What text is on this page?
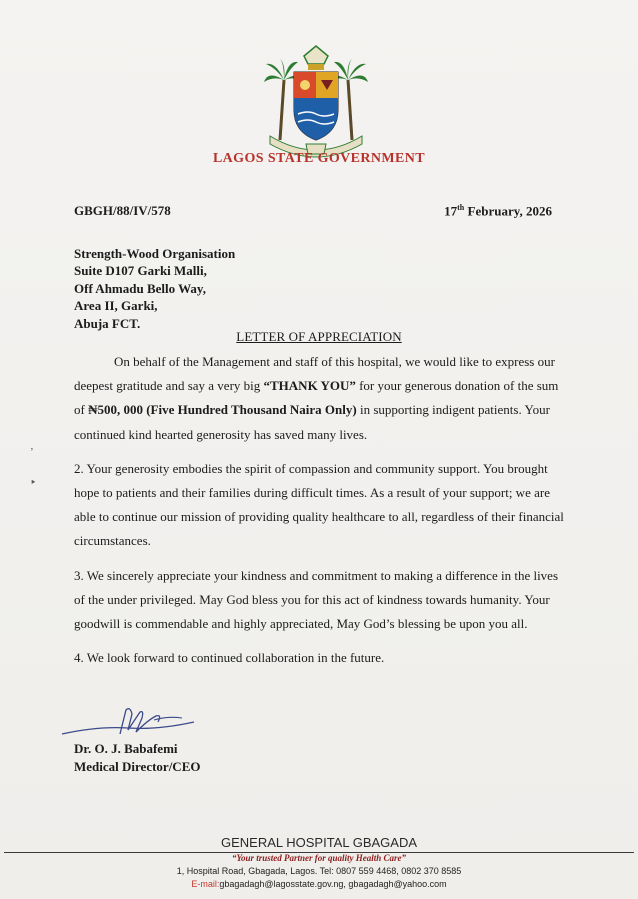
LAGOS STATE GOVERNMENT
GBGH/88/IV/578	17th February, 2026
Strength-Wood Organisation
Suite D107 Garki Malli,
Off Ahmadu Bello Way,
Area II, Garki,
Abuja FCT.
LETTER OF APPRECIATION

On behalf of the Management and staff of this hospital, we would like to express our deepest gratitude and say a very big “THANK YOU” for your generous donation of the sum of ₦500, 000 (Five Hundred Thousand Naira Only) in supporting indigent patients. Your continued kind hearted generosity has saved many lives.

2. Your generosity embodies the spirit of compassion and community support. You brought hope to patients and their families during difficult times. As a result of your support; we are able to continue our mission of providing quality healthcare to all, regardless of their financial circumstances.

3. We sincerely appreciate your kindness and commitment to making a difference in the lives of the under privileged. May God bless you for this act of kindness towards humanity. Your goodwill is commendable and highly appreciated, May God’s blessing be upon you all.

4. We look forward to continued collaboration in the future.

Dr. O. J. Babafemi
Medical Director/CEO
’
‣
GENERAL HOSPITAL GBAGADA
“Your trusted Partner for quality Health Care”
1, Hospital Road, Gbagada, Lagos. Tel: 0807 559 4468, 0802 370 8585
E-mail:gbagadagh@lagosstate.gov.ng, gbagadagh@yahoo.com
